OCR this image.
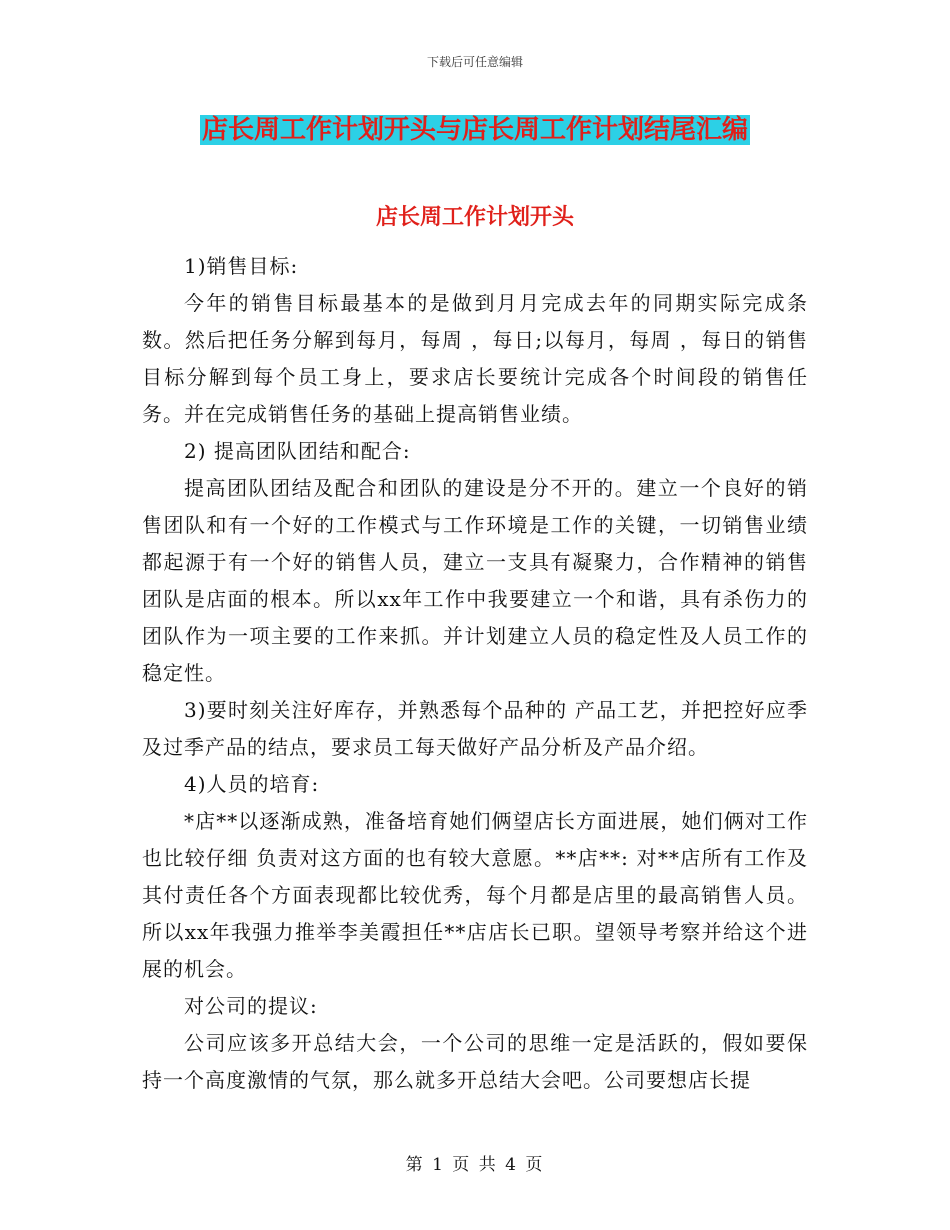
下载后可任意编辑
店长周工作计划开头与店长周工作计划结尾汇编
店长周工作计划开头

1)销售目标:

今年的销售目标最基本的是做到月月完成去年的同期实际完成条数。然后把任务分解到每月，每周 ，每日;以每月，每周 ，每日的销售目标分解到每个员工身上，要求店长要统计完成各个时间段的销售任务。并在完成销售任务的基础上提高销售业绩。

2) 提高团队团结和配合:

提高团队团结及配合和团队的建设是分不开的。建立一个良好的销售团队和有一个好的工作模式与工作环境是工作的关键，一切销售业绩都起源于有一个好的销售人员，建立一支具有凝聚力，合作精神的销售团队是店面的根本。所以xx年工作中我要建立一个和谐，具有杀伤力的团队作为一项主要的工作来抓。并计划建立人员的稳定性及人员工作的稳定性。

3)要时刻关注好库存，并熟悉每个品种的 产品工艺，并把控好应季及过季产品的结点，要求员工每天做好产品分析及产品介绍。

4)人员的培育:

*店**以逐渐成熟，准备培育她们俩望店长方面进展，她们俩对工作也比较仔细 负责对这方面的也有较大意愿。**店**: 对**店所有工作及其付责任各个方面表现都比较优秀，每个月都是店里的最高销售人员。所以xx年我强力推举李美霞担任**店店长已职。望领导考察并给这个进展的机会。

对公司的提议:

公司应该多开总结大会，一个公司的思维一定是活跃的，假如要保持一个高度激情的气氛，那么就多开总结大会吧。公司要想店长提

第 1 页 共 4 页
